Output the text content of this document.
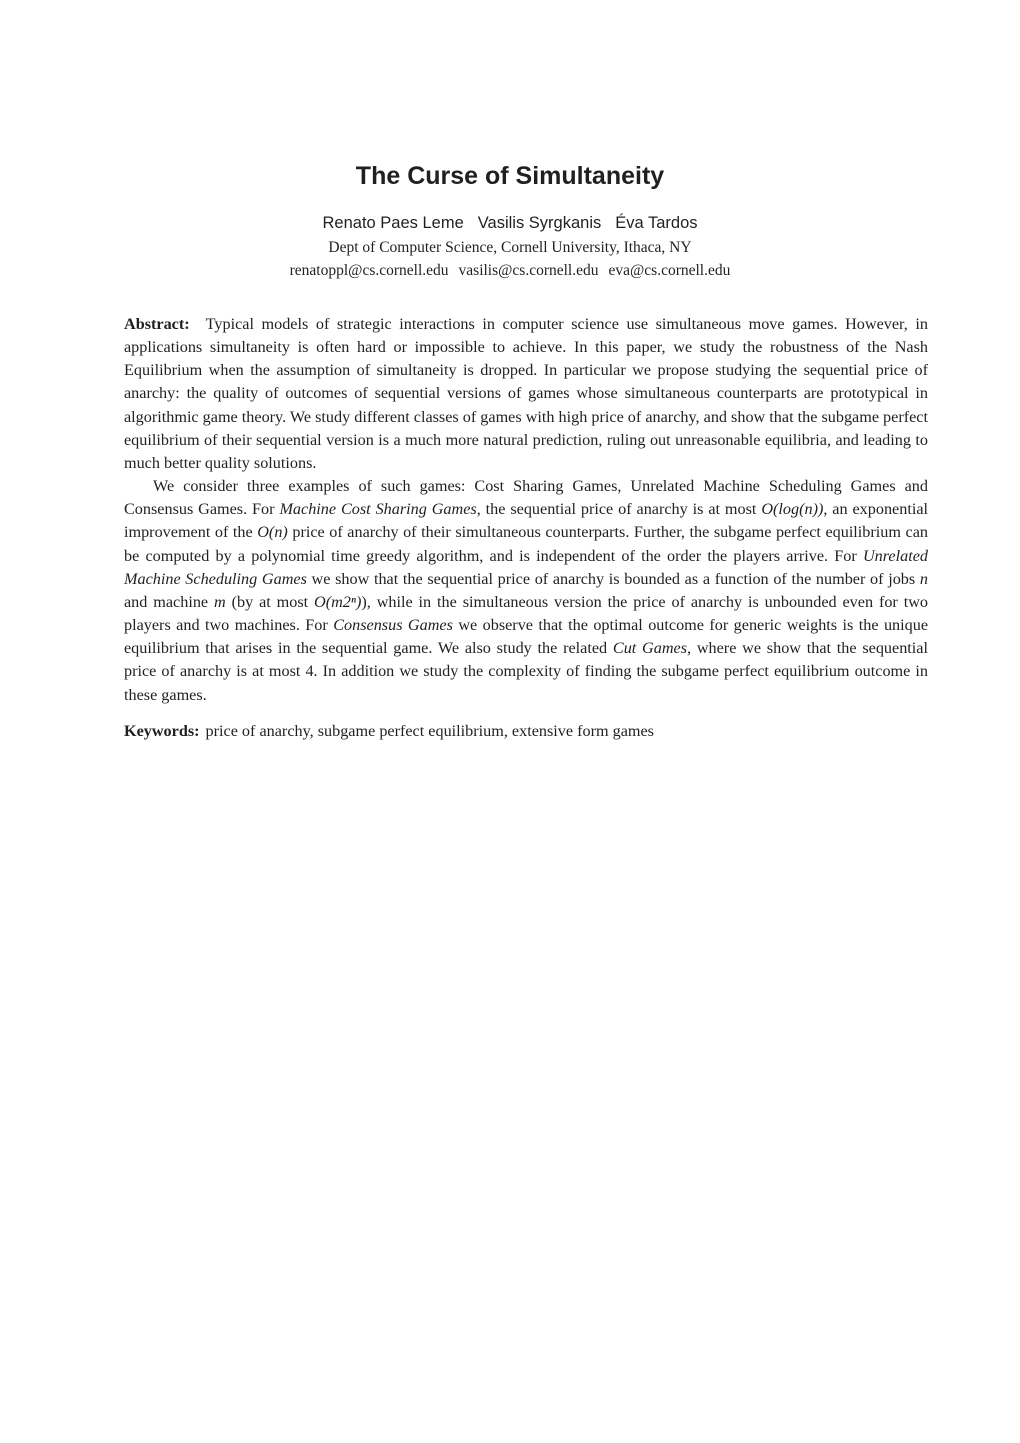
The Curse of Simultaneity
Renato Paes Leme Vasilis Syrgkanis Éva Tardos
Dept of Computer Science, Cornell University, Ithaca, NY
renatoppl@cs.cornell.edu vasilis@cs.cornell.edu eva@cs.cornell.edu

Abstract: Typical models of strategic interactions in computer science use simultaneous move games. However, in applications simultaneity is often hard or impossible to achieve. In this paper, we study the robustness of the Nash Equilibrium when the assumption of simultaneity is dropped. In particular we propose studying the sequential price of anarchy: the quality of outcomes of sequential versions of games whose simultaneous counterparts are prototypical in algorithmic game theory. We study different classes of games with high price of anarchy, and show that the subgame perfect equilibrium of their sequential version is a much more natural prediction, ruling out unreasonable equilibria, and leading to much better quality solutions.

We consider three examples of such games: Cost Sharing Games, Unrelated Machine Scheduling Games and Consensus Games. For Machine Cost Sharing Games, the sequential price of anarchy is at most O(log(n)), an exponential improvement of the O(n) price of anarchy of their simultaneous counterparts. Further, the subgame perfect equilibrium can be computed by a polynomial time greedy algorithm, and is independent of the order the players arrive. For Unrelated Machine Scheduling Games we show that the sequential price of anarchy is bounded as a function of the number of jobs n and machine m (by at most O(m2ⁿ)), while in the simultaneous version the price of anarchy is unbounded even for two players and two machines. For Consensus Games we observe that the optimal outcome for generic weights is the unique equilibrium that arises in the sequential game. We also study the related Cut Games, where we show that the sequential price of anarchy is at most 4. In addition we study the complexity of finding the subgame perfect equilibrium outcome in these games.

Keywords: price of anarchy, subgame perfect equilibrium, extensive form games
